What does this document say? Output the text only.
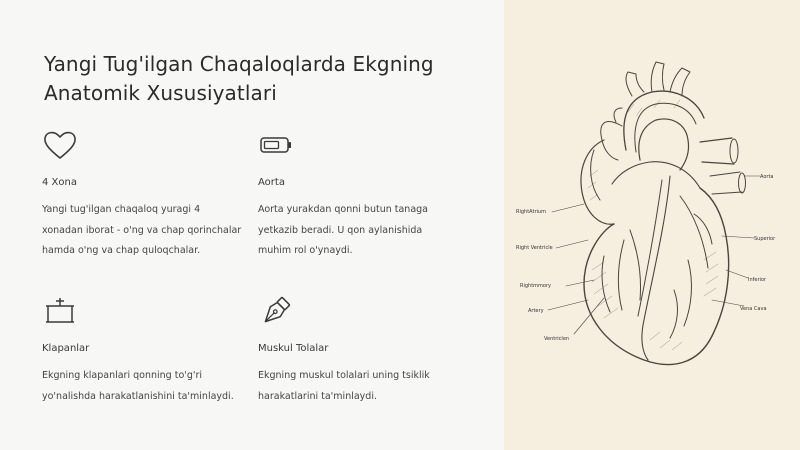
Yangi Tug'ilgan Chaqaloqlarda Ekgning Anatomik Xususiyatlari
4 Xona
Yangi tug'ilgan chaqaloq yuragi 4 xonadan iborat - o'ng va chap qorinchalar hamda o'ng va chap quloqchalar.
Aorta
Aorta yurakdan qonni butun tanaga yetkazib beradi. U qon aylanishida muhim rol o'ynaydi.
Klapanlar
Ekgning klapanlari qonning to'g'ri yo'nalishda harakatlanishini ta'minlaydi.
Muskul Tolalar
Ekgning muskul tolalari uning tsiklik harakatlarini ta'minlaydi.
Aorta
Superior
Inferior
Vena Cava
RightAtrium
Right Ventricle
Rightmmory
Artery
Ventriclen
